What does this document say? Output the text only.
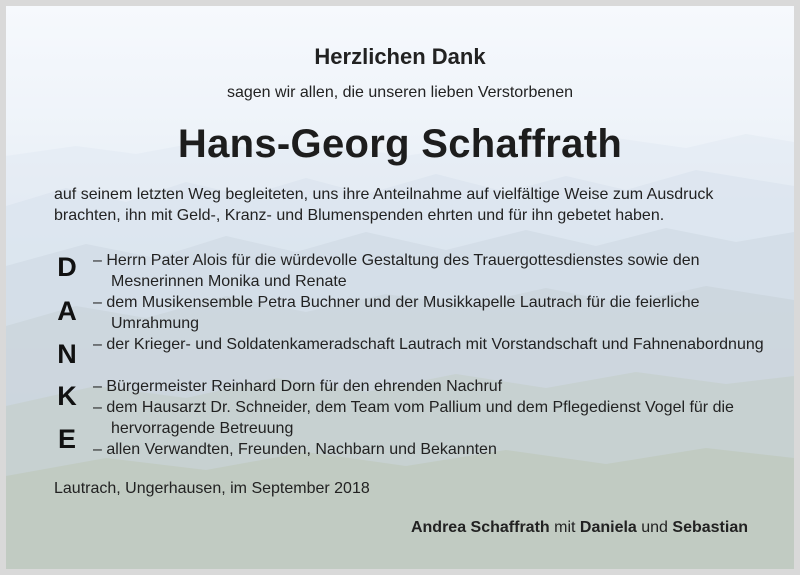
Herzlichen Dank
sagen wir allen, die unseren lieben Verstorbenen
Hans-Georg Schaffrath
auf seinem letzten Weg begleiteten, uns ihre Anteilnahme auf vielfältige Weise zum Ausdruck brachten, ihn mit Geld-, Kranz- und Blumenspenden ehrten und für ihn gebetet haben.
D
A
N
K
E
– Herrn Pater Alois für die würdevolle Gestaltung des Trauergottesdienstes sowie den Mesnerinnen Monika und Renate
– dem Musikensemble Petra Buchner und der Musikkapelle Lautrach für die feierliche Umrahmung
– der Krieger- und Soldatenkameradschaft Lautrach mit Vorstandschaft und Fahnenabordnung
– Bürgermeister Reinhard Dorn für den ehrenden Nachruf
– dem Hausarzt Dr. Schneider, dem Team vom Pallium und dem Pflegedienst Vogel für die hervorragende Betreuung
– allen Verwandten, Freunden, Nachbarn und Bekannten
Lautrach, Ungerhausen, im September 2018
Andrea Schaffrath mit Daniela und Sebastian
